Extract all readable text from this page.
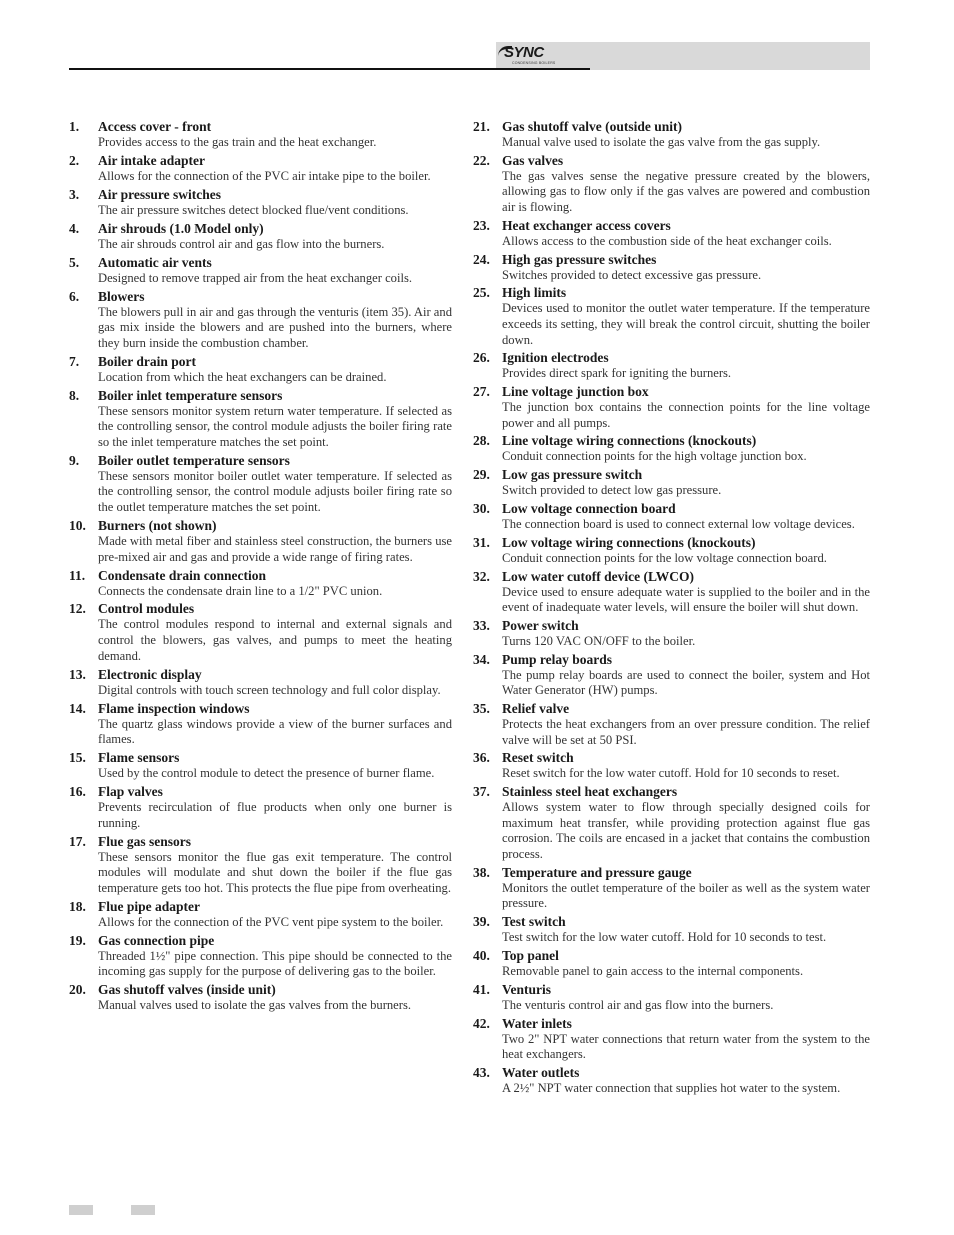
SYNC
CONDENSING BOILERS
1. Access cover - front
Provides access to the gas train and the heat exchanger.
2. Air intake adapter
Allows for the connection of the PVC air intake pipe to the boiler.
3. Air pressure switches
The air pressure switches detect blocked flue/vent conditions.
4. Air shrouds (1.0 Model only)
The air shrouds control air and gas flow into the burners.
5. Automatic air vents
Designed to remove trapped air from the heat exchanger coils.
6. Blowers
The blowers pull in air and gas through the venturis (item 35). Air and gas mix inside the blowers and are pushed into the burners, where they burn inside the combustion chamber.
7. Boiler drain port
Location from which the heat exchangers can be drained.
8. Boiler inlet temperature sensors
These sensors monitor system return water temperature. If selected as the controlling sensor, the control module adjusts the boiler firing rate so the inlet temperature matches the set point.
9. Boiler outlet temperature sensors
These sensors monitor boiler outlet water temperature. If selected as the controlling sensor, the control module adjusts boiler firing rate so the outlet temperature matches the set point.
10. Burners (not shown)
Made with metal fiber and stainless steel construction, the burners use pre-mixed air and gas and provide a wide range of firing rates.
11. Condensate drain connection
Connects the condensate drain line to a 1/2" PVC union.
12. Control modules
The control modules respond to internal and external signals and control the blowers, gas valves, and pumps to meet the heating demand.
13. Electronic display
Digital controls with touch screen technology and full color display.
14. Flame inspection windows
The quartz glass windows provide a view of the burner surfaces and flames.
15. Flame sensors
Used by the control module to detect the presence of burner flame.
16. Flap valves
Prevents recirculation of flue products when only one burner is running.
17. Flue gas sensors
These sensors monitor the flue gas exit temperature. The control modules will modulate and shut down the boiler if the flue gas temperature gets too hot. This protects the flue pipe from overheating.
18. Flue pipe adapter
Allows for the connection of the PVC vent pipe system to the boiler.
19. Gas connection pipe
Threaded 1½" pipe connection. This pipe should be connected to the incoming gas supply for the purpose of delivering gas to the boiler.
20. Gas shutoff valves (inside unit)
Manual valves used to isolate the gas valves from the burners.
21. Gas shutoff valve (outside unit)
Manual valve used to isolate the gas valve from the gas supply.
22. Gas valves
The gas valves sense the negative pressure created by the blowers, allowing gas to flow only if the gas valves are powered and combustion air is flowing.
23. Heat exchanger access covers
Allows access to the combustion side of the heat exchanger coils.
24. High gas pressure switches
Switches provided to detect excessive gas pressure.
25. High limits
Devices used to monitor the outlet water temperature. If the temperature exceeds its setting, they will break the control circuit, shutting the boiler down.
26. Ignition electrodes
Provides direct spark for igniting the burners.
27. Line voltage junction box
The junction box contains the connection points for the line voltage power and all pumps.
28. Line voltage wiring connections (knockouts)
Conduit connection points for the high voltage junction box.
29. Low gas pressure switch
Switch provided to detect low gas pressure.
30. Low voltage connection board
The connection board is used to connect external low voltage devices.
31. Low voltage wiring connections (knockouts)
Conduit connection points for the low voltage connection board.
32. Low water cutoff device (LWCO)
Device used to ensure adequate water is supplied to the boiler and in the event of inadequate water levels, will ensure the boiler will shut down.
33. Power switch
Turns 120 VAC ON/OFF to the boiler.
34. Pump relay boards
The pump relay boards are used to connect the boiler, system and Hot Water Generator (HW) pumps.
35. Relief valve
Protects the heat exchangers from an over pressure condition. The relief valve will be set at 50 PSI.
36. Reset switch
Reset switch for the low water cutoff. Hold for 10 seconds to reset.
37. Stainless steel heat exchangers
Allows system water to flow through specially designed coils for maximum heat transfer, while providing protection against flue gas corrosion. The coils are encased in a jacket that contains the combustion process.
38. Temperature and pressure gauge
Monitors the outlet temperature of the boiler as well as the system water pressure.
39. Test switch
Test switch for the low water cutoff. Hold for 10 seconds to test.
40. Top panel
Removable panel to gain access to the internal components.
41. Venturis
The venturis control air and gas flow into the burners.
42. Water inlets
Two 2" NPT water connections that return water from the system to the heat exchangers.
43. Water outlets
A 2½" NPT water connection that supplies hot water to the system.
